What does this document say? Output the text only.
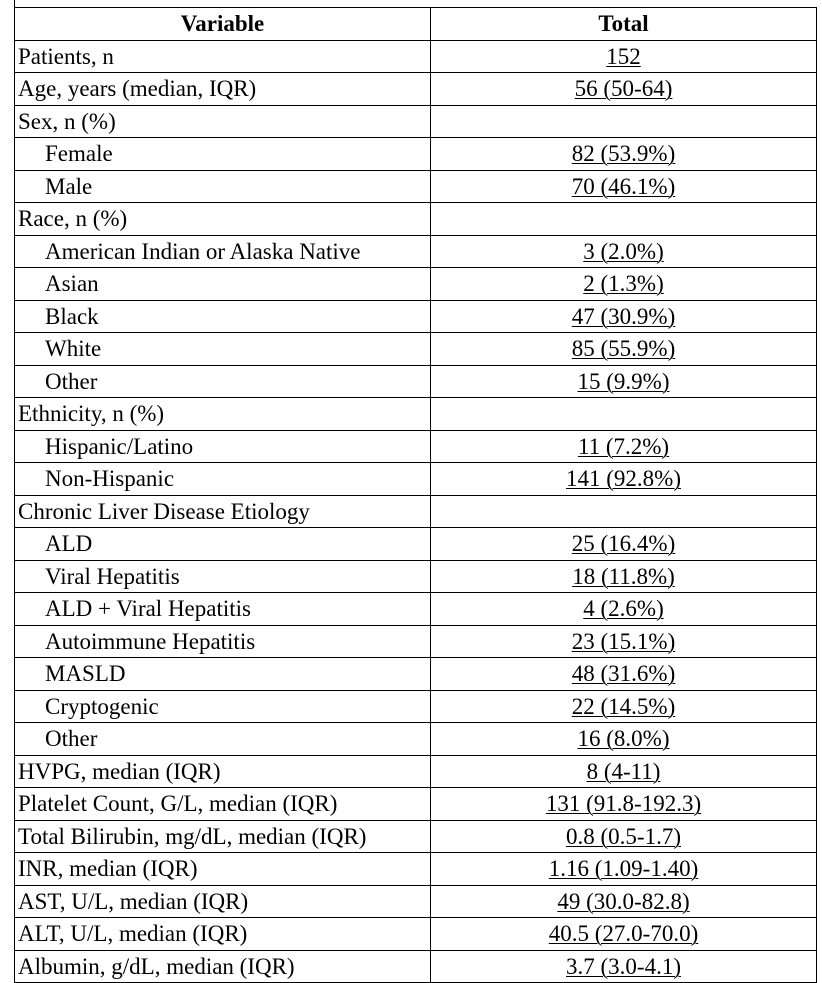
Variable	Total
Patients, n	152
Age, years (median, IQR)	56 (50-64)
Sex, n (%)	
Female	82 (53.9%)
Male	70 (46.1%)
Race, n (%)	
American Indian or Alaska Native	3 (2.0%)
Asian	2 (1.3%)
Black	47 (30.9%)
White	85 (55.9%)
Other	15 (9.9%)
Ethnicity, n (%)	
Hispanic/Latino	11 (7.2%)
Non-Hispanic	141 (92.8%)
Chronic Liver Disease Etiology	
ALD	25 (16.4%)
Viral Hepatitis	18 (11.8%)
ALD + Viral Hepatitis	4 (2.6%)
Autoimmune Hepatitis	23 (15.1%)
MASLD	48 (31.6%)
Cryptogenic	22 (14.5%)
Other	16 (8.0%)
HVPG, median (IQR)	8 (4-11)
Platelet Count, G/L, median (IQR)	131 (91.8-192.3)
Total Bilirubin, mg/dL, median (IQR)	0.8 (0.5-1.7)
INR, median (IQR)	1.16 (1.09-1.40)
AST, U/L, median (IQR)	49 (30.0-82.8)
ALT, U/L, median (IQR)	40.5 (27.0-70.0)
Albumin, g/dL, median (IQR)	3.7 (3.0-4.1)
